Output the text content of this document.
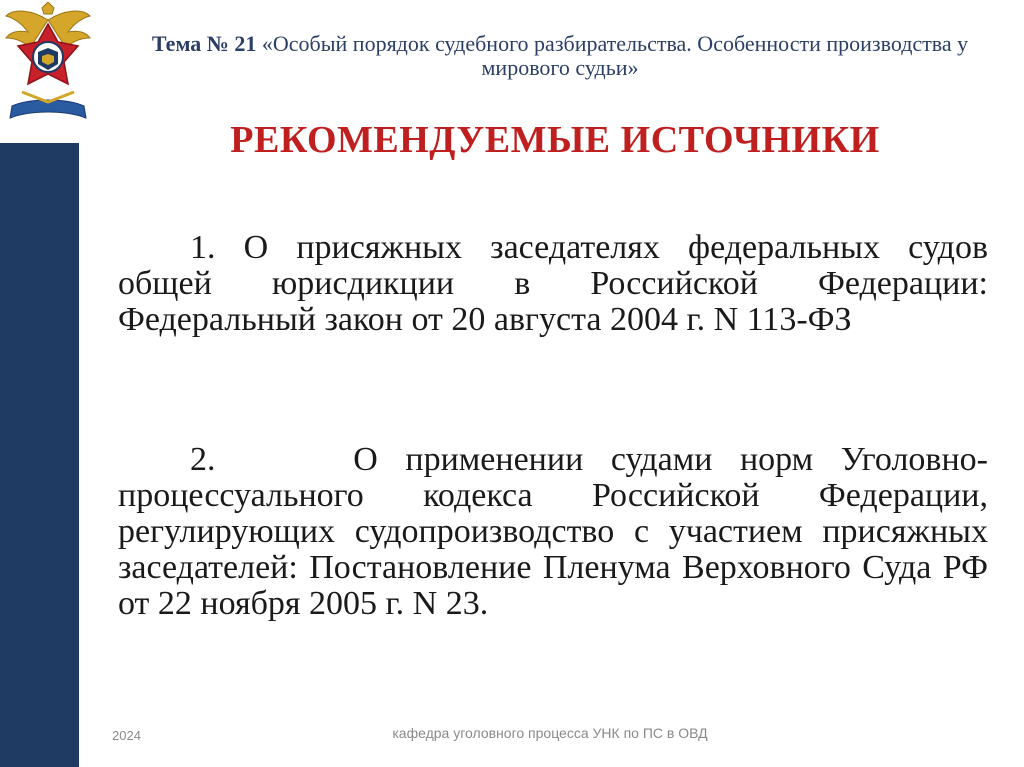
Тема № 21 «Особый порядок судебного разбирательства. Особенности производства у мирового судьи»
РЕКОМЕНДУЕМЫЕ ИСТОЧНИКИ
1. О присяжных заседателях федеральных судов общей юрисдикции в Российской Федерации: Федеральный закон от 20 августа 2004 г. N 113-ФЗ
2.	О применении судами норм Уголовно-процессуального кодекса Российской Федерации, регулирующих судопроизводство с участием присяжных заседателей: Постановление Пленума Верховного Суда РФ от 22 ноября 2005 г. N 23.
2024	кафедра уголовного процесса УНК по ПС в ОВД
